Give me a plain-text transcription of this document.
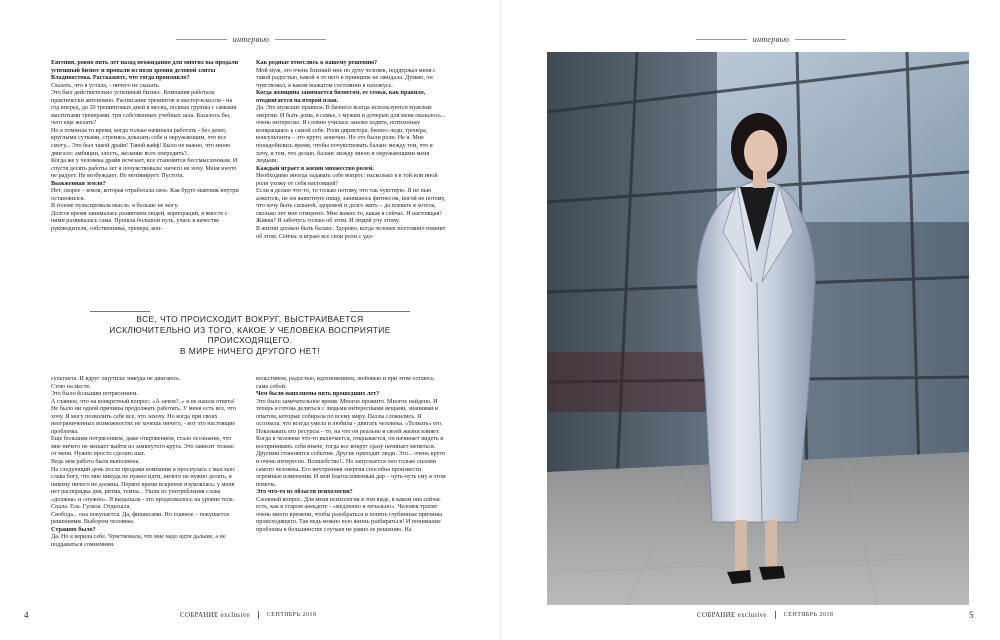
интервью
Евгения, ровно пять лет назад неожиданно для многих вы продали успешный бизнес и пропали из поля зрения деловой элиты Владивостока. Расскажите, что тогда произошло?
Сказать, что я устала, - ничего не сказать.
Это был действительно успешный бизнес. Компания работала практически автономно. Расписание тренингов и мастер-классов - на год вперед, до 20 тренинговых дней в месяц, полные группы с самыми маститыми тренерами, три собственных учебных зала. Казалось бы, чего еще желать?
Но я помнила то время, когда только начинала работать - без денег, круглыми сутками, стремясь доказать себе и окружающим, что все смогу... Это был такой драйв! Такой кайф! Было не важно, что мною двигало: амбиции, злость, желание всех опередить?..
Когда же у человека драйв исчезает, все становится бессмысленным. И спустя десять работы лет я почувствовала: ничего не хочу. Меня ничто не радует. Не возбуждает. Не мотивирует. Пустота.
Выжженная земля?
Нет, скорее - земля, которая отработала свое. Как будто маятник внутри остановился.
В голове пульсировала мысль: я больше не могу.
Долгое время занималась развитием людей, корпораций, я вместе с ними развивалась сама. Прошла большой путь, учась в качестве руководителя, собственника, тренера, кон-
Как родные отнеслись к вашему решению?
Мой муж, это очень близкий мне по духу человек, поддержал меня с такой радостью, какой я от него в принципе не ожидала. Думаю, он чувствовал, в каком выжатом состоянии я нахожусь.
Когда женщина занимается бизнесом, ее семья, как правило, отодвигается на второй план.
Да. Это мужские правила. В бизнесе всегда используются мужские энергии. И быть дома, в семье, с мужем и дочерью для меня оказалось... очень интересно. Я словно училасъ заново ходить, потихоньку возвращаясь к самой себе. Роли директора, бизнес-леди, тренера, консультанта – это круто, конечно. Но это были роли. Не я. Мне понадобились время, чтобы почувствовать баланс между тем, что я хочу, и тем, что делаю, баланс между мною и окружающими меня людьми.
Каждый играет в жизни множество ролей.
Необходимо иногда задавать себе вопрос: насколько я в той или иной роли ухожу от себя настоящей?
Если я делаю что-то, то только потому, что так чувствую. Я не пью алкоголь, не ем животную пищу, занимаюсь фитнесом, йогой не потому, что хочу быть сильной, здоровой и долго жить – да плевать я хотела, сколько лет мне отмерено. Мне важно то, какая я сейчас. Я настоящая? Живая? Я забочусь только об этом. И людей учу этому.
В жизни должен быть баланс. Здорово, когда человек постоянно помнит об этом. Сейчас я играю все свои роли с удо-
ВСЕ, ЧТО ПРОИСХОДИТ ВОКРУГ, ВЫСТРАИВАЕТСЯ
ИСКЛЮЧИТЕЛЬНО ИЗ ТОГО, КАКОЕ У ЧЕЛОВЕКА ВОСПРИЯТИЕ
ПРОИСХОДЯЩЕГО.
В МИРЕ НИЧЕГО ДРУГОГО НЕТ!
сультанта. И вдруг ощутила: никуда не двигаюсь.
Стою на месте.
Это было большим потрясением.
А главное, что на конкретный вопрос: «А зачем?..» я не нашла ответа! Не было ни одной причины продолжать работать. У меня есть все, что хочу. Я могу позволить себе все, что захочу. Но когда при своих неограниченных возможностях не хочешь ничего, - вот это настоящие проблемы.
Еще большим потрясением, даже откровением, стало осознание, что мне ничего не мешает выйти из замкнутого круга. Это зависит только от меня. Нужно просто сделать шаг.
Ведь моя работа была выполнена.
На следующий день после продажи компании я проснулась с мыслью: слава богу, что мне никуда не нужно идти, ничего не нужно делать, я никому ничего не должна. Первое время искренне изумлялась: у меня нет распорядка дня, ритма, темпа... Ушли из употребления слова «должна» и «нужно». Я выдыхала - это продолжалось на уровне тела. Спала. Ела. Гуляла. Отдыхала.
Свобода... она покупается. Да, финансами. Но главное – покупается решениями. Выбором человека.
Страшно было?
Да. Но я верила себе. Чувствовала, что мне надо идти дальше, а не поддаваться сомнениям.
вольствием, радостью, вдохновением, любовью и при этом остаюсь сама собой.
Чем были наполнены пять прошедших лет?
Это было замечательное время. Многое прожито. Многое найдено. И теперь я готова делиться с людьми интересными вещами, знаниями и опытом, которые собирала по всему миру. Пазлы сложились. Я осознала, что всегда умела и любила - двигать человека. «Толкать» его. Показывать его ресурсы – то, на что он реально в своей жизни влияет. Когда в человеке что-то включается, открывается, он начинает видеть и воспринимать себя иначе, тогда все вокруг сразу начинает меняться. Другими становятся события. Другие приходят люди. Это... очень круто и очень интересно. Волшебство!.. Но запускается оно только силами самого человека. Его внутренняя энергия способна произвести огромные изменения. И мой благословенный дар – чуть-чуть ему в этом помочь.
Это что-то из области психологии?
Сложный вопрос. Для меня психология в том виде, в каком она сейчас есть, как в старом анекдоте - «медленно и печально». Человек тратит очень много времени, чтобы разобраться и понять глубинные причины происходящего. Так ведь можно всю жизнь разбираться! И понимание проблемы в большинстве случаев не равно ее решению. На
4	СОБРАНИЕ exclusive	СЕНТЯБРЬ 2018
интервью
СОБРАНИЕ exclusive	СЕНТЯБРЬ 2018	5
